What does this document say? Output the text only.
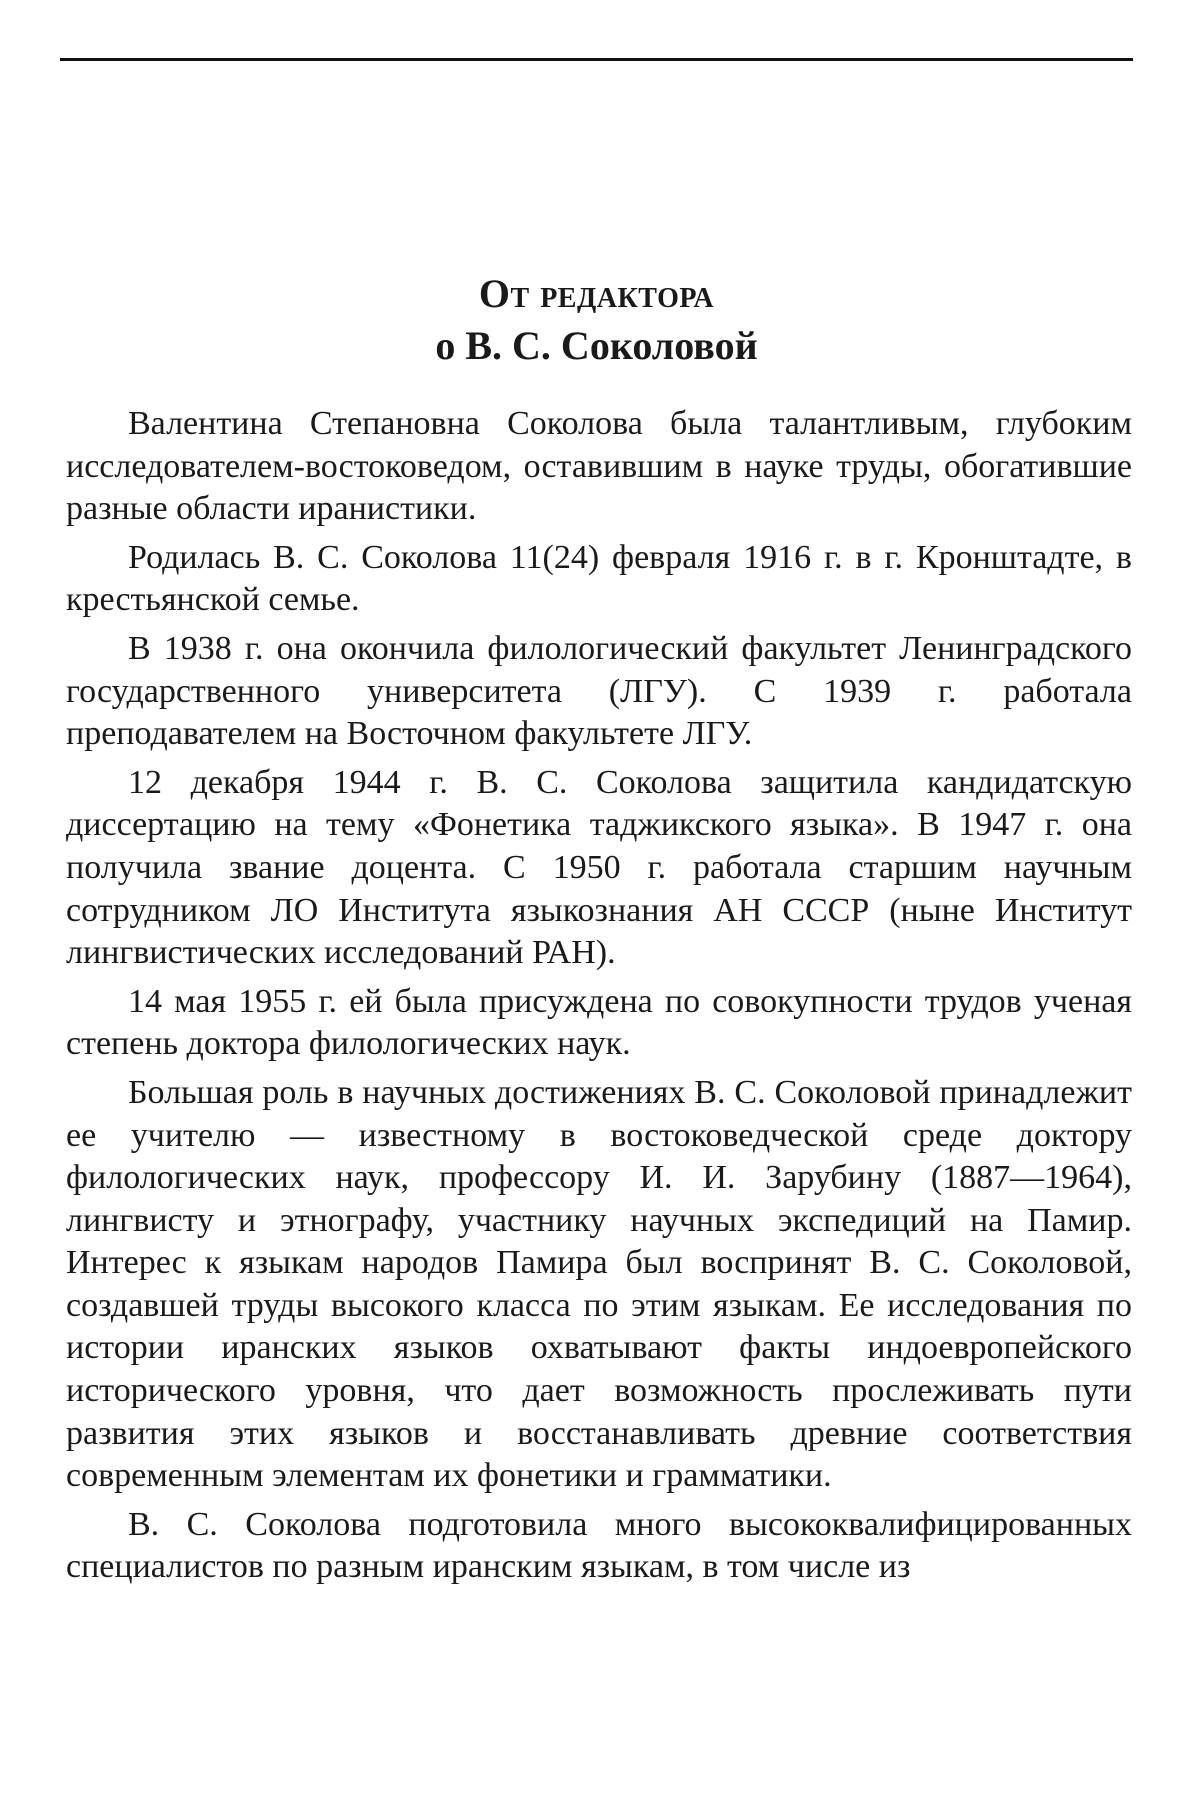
От редактора
о В. С. Соколовой

Валентина Степановна Соколова была талантливым, глубоким исследователем-востоковедом, оставившим в науке труды, обогатившие разные области иранистики.

Родилась В. С. Соколова 11(24) февраля 1916 г. в г. Кронштадте, в крестьянской семье.

В 1938 г. она окончила филологический факультет Ленинградского государственного университета (ЛГУ). С 1939 г. работала преподавателем на Восточном факультете ЛГУ.

12 декабря 1944 г. В. С. Соколова защитила кандидатскую диссертацию на тему «Фонетика таджикского языка». В 1947 г. она получила звание доцента. С 1950 г. работала старшим научным сотрудником ЛО Института языкознания АН СССР (ныне Институт лингвистических исследований РАН).

14 мая 1955 г. ей была присуждена по совокупности трудов ученая степень доктора филологических наук.

Большая роль в научных достижениях В. С. Соколовой принадлежит ее учителю — известному в востоковедческой среде доктору филологических наук, профессору И. И. Зарубину (1887—1964), лингвисту и этнографу, участнику научных экспедиций на Памир. Интерес к языкам народов Памира был воспринят В. С. Соколовой, создавшей труды высокого класса по этим языкам. Ее исследования по истории иранских языков охватывают факты индоевропейского исторического уровня, что дает возможность прослеживать пути развития этих языков и восстанавливать древние соответствия современным элементам их фонетики и грамматики.

В. С. Соколова подготовила много высококвалифицированных специалистов по разным иранским языкам, в том числе из
